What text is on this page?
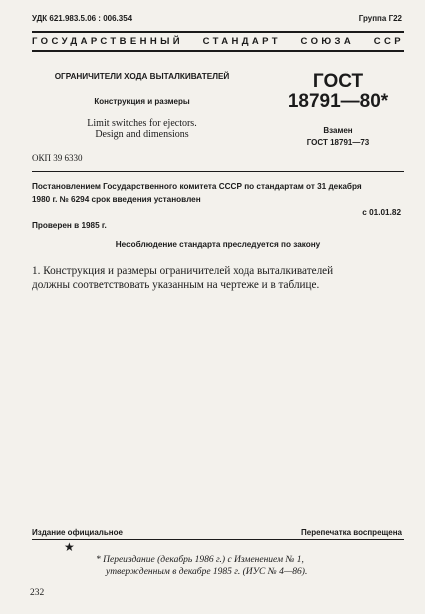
УДК 621.983.5.06 : 006.354	Группа Г22
ГОСУДАРСТВЕННЫЙ СТАНДАРТ СОЮЗА ССР
ОГРАНИЧИТЕЛИ ХОДА ВЫТАЛКИВАТЕЛЕЙ
Конструкция и размеры
Limit switches for ejectors.
Design and dimensions
ГОСТ
18791—80*
Взамен
ГОСТ 18791—73
ОКП 39 6330
Постановлением Государственного комитета СССР по стандартам от 31 декабря
1980 г. № 6294 срок введения установлен
с 01.01.82
Проверен в 1985 г.
Несоблюдение стандарта преследуется по закону
1. Конструкция и размеры ограничителей хода выталкивателей
должны соответствовать указанным на чертеже и в таблице.
Издание официальное	Перепечатка воспрещена
★
* Переиздание (декабрь 1986 г.) с Изменением № 1,
утвержденным в декабре 1985 г. (ИУС № 4—86).
232
